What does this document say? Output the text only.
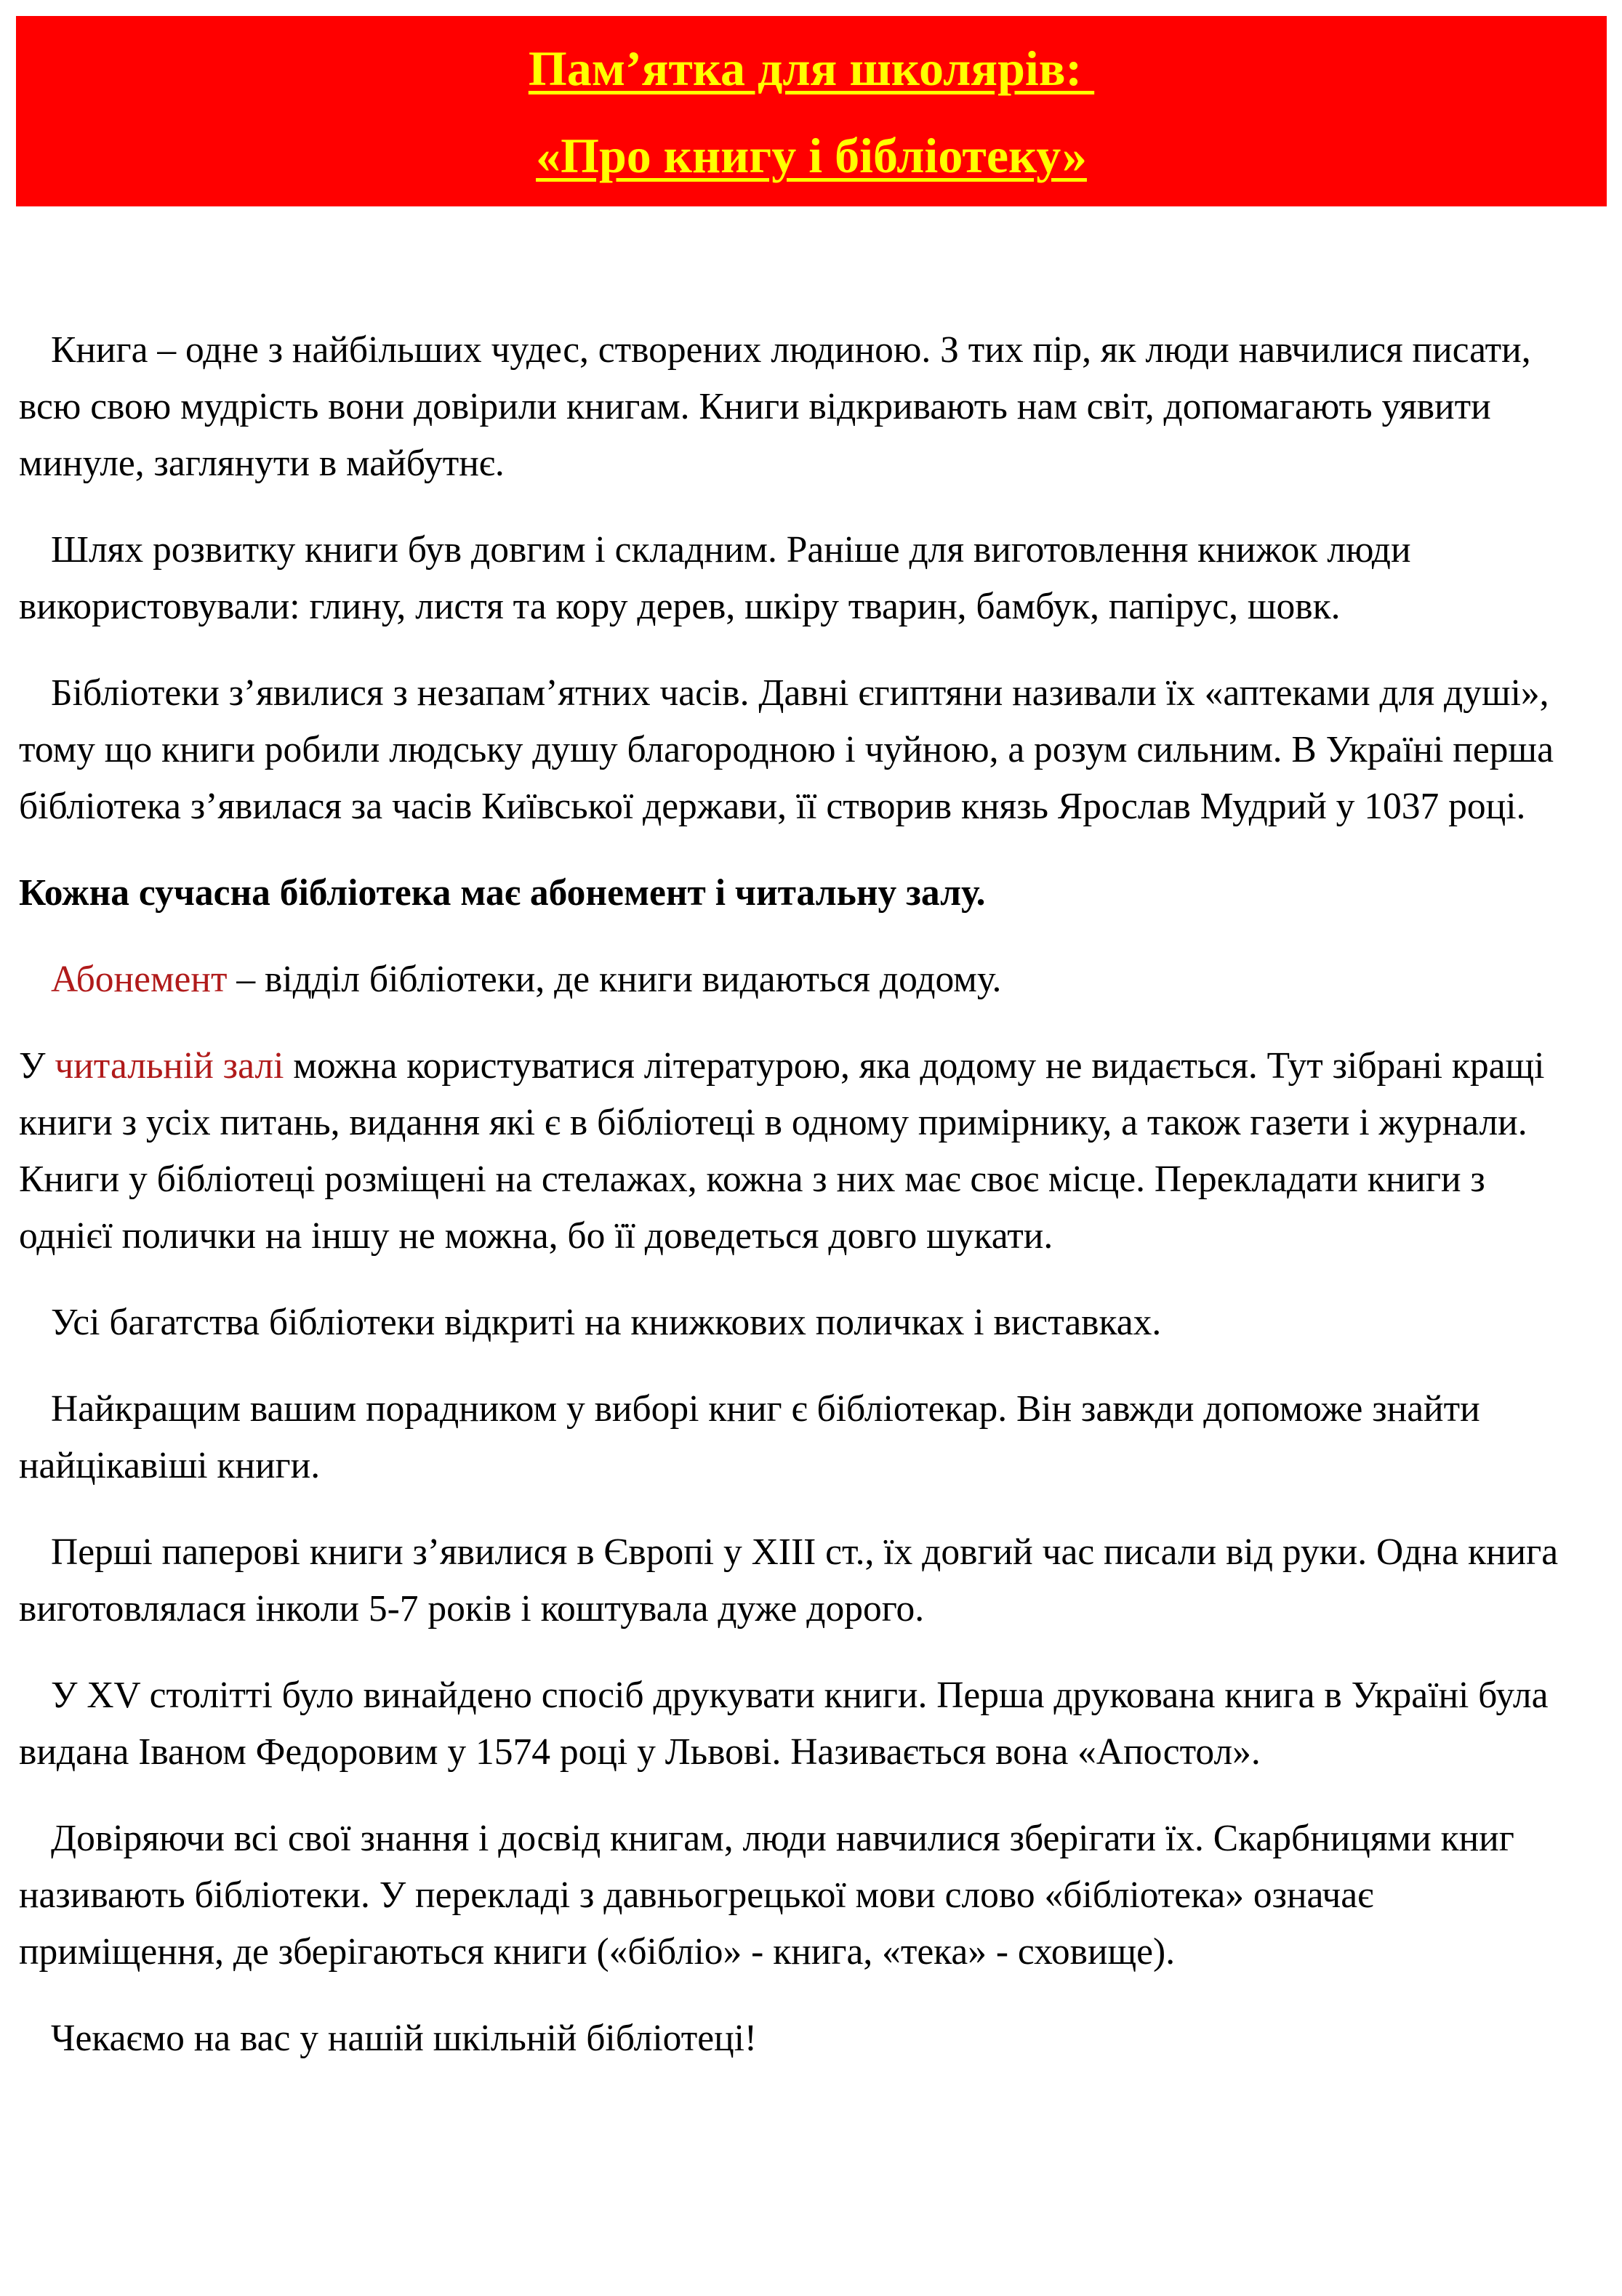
Пам’ятка для школярів:
«Про книгу і бібліотеку»

Книга – одне з найбільших чудес, створених людиною. З тих пір, як люди навчилися писати, всю свою мудрість вони довірили книгам. Книги відкривають нам світ, допомагають уявити минуле, заглянути в майбутнє.

Шлях розвитку книги був довгим і складним. Раніше для виготовлення книжок люди використовували: глину, листя та кору дерев, шкіру тварин, бамбук, папірус, шовк.

Бібліотеки з’явилися з незапам’ятних часів. Давні єгиптяни називали їх «аптеками для душі», тому що книги робили людську душу благородною і чуйною, а розум сильним. В Україні перша бібліотека з’явилася за часів Київської держави, її створив князь Ярослав Мудрий у 1037 році.

Кожна сучасна бібліотека має абонемент і читальну залу.

Абонемент – відділ бібліотеки, де книги видаються додому.

У читальній залі можна користуватися літературою, яка додому не видається. Тут зібрані кращі книги з усіх питань, видання які є в бібліотеці в одному примірнику, а також газети і журнали. Книги у бібліотеці розміщені на стелажах, кожна з них має своє місце. Перекладати книги з однієї полички на іншу не можна, бо її доведеться довго шукати.

Усі багатства бібліотеки відкриті на книжкових поличках і виставках.

Найкращим вашим порадником у виборі книг є бібліотекар. Він завжди допоможе знайти найцікавіші книги.

Перші паперові книги з’явилися в Європі у ХІІІ ст., їх довгий час писали від руки. Одна книга виготовлялася інколи 5-7 років і коштувала дуже дорого.

У XV столітті було винайдено спосіб друкувати книги. Перша друкована книга в Україні була видана Іваном Федоровим у 1574 році у Львові. Називається вона «Апостол».

Довіряючи всі свої знання і досвід книгам, люди навчилися зберігати їх. Скарбницями книг називають бібліотеки. У перекладі з давньогрецької мови слово «бібліотека» означає приміщення, де зберігаються книги («бібліо» - книга, «тека» - сховище).

Чекаємо на вас у нашій шкільній бібліотеці!
